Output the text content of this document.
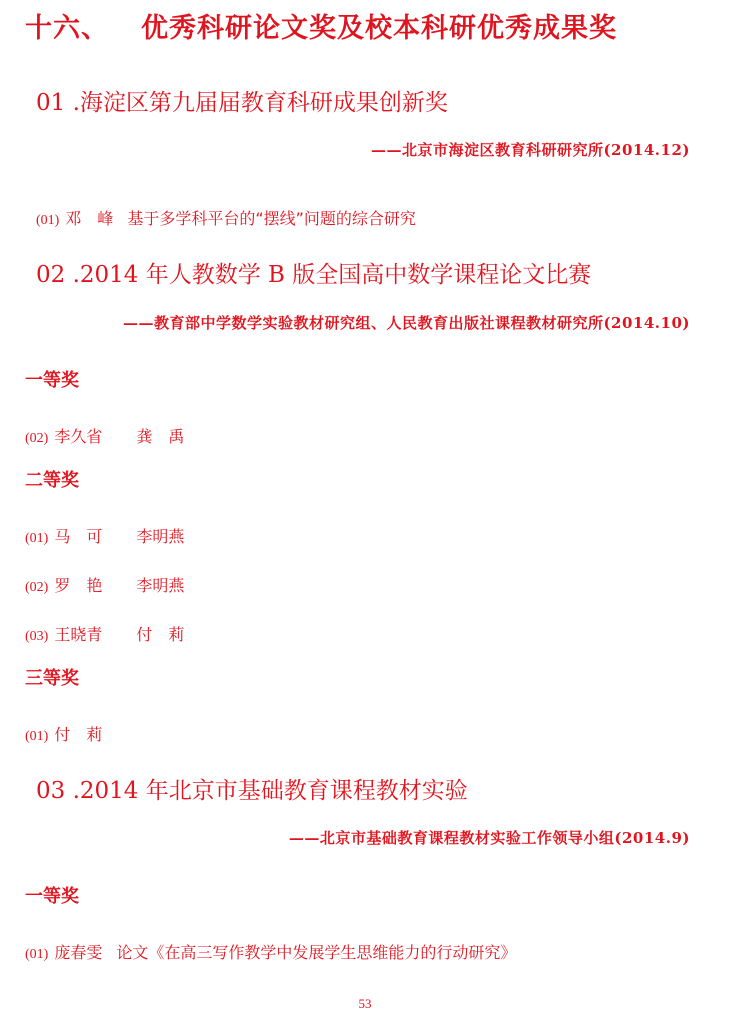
十六、 优秀科研论文奖及校本科研优秀成果奖
01 .海淀区第九届届教育科研成果创新奖
——北京市海淀区教育科研研究所(2014.12)
(01) 邓　峰 基于多学科平台的“摆线”问题的综合研究
02 .2014 年人教数学 B 版全国高中数学课程论文比赛
——教育部中学数学实验教材研究组、人民教育出版社课程教材研究所(2014.10)
一等奖
(02) 李久省 龚　禹
二等奖
(01) 马　可 李明燕
(02) 罗　艳 李明燕
(03) 王晓青 付　莉
三等奖
(01) 付　莉
03 .2014 年北京市基础教育课程教材实验
——北京市基础教育课程教材实验工作领导小组(2014.9)
一等奖
(01) 庞春雯 论文《在高三写作教学中发展学生思维能力的行动研究》
53
